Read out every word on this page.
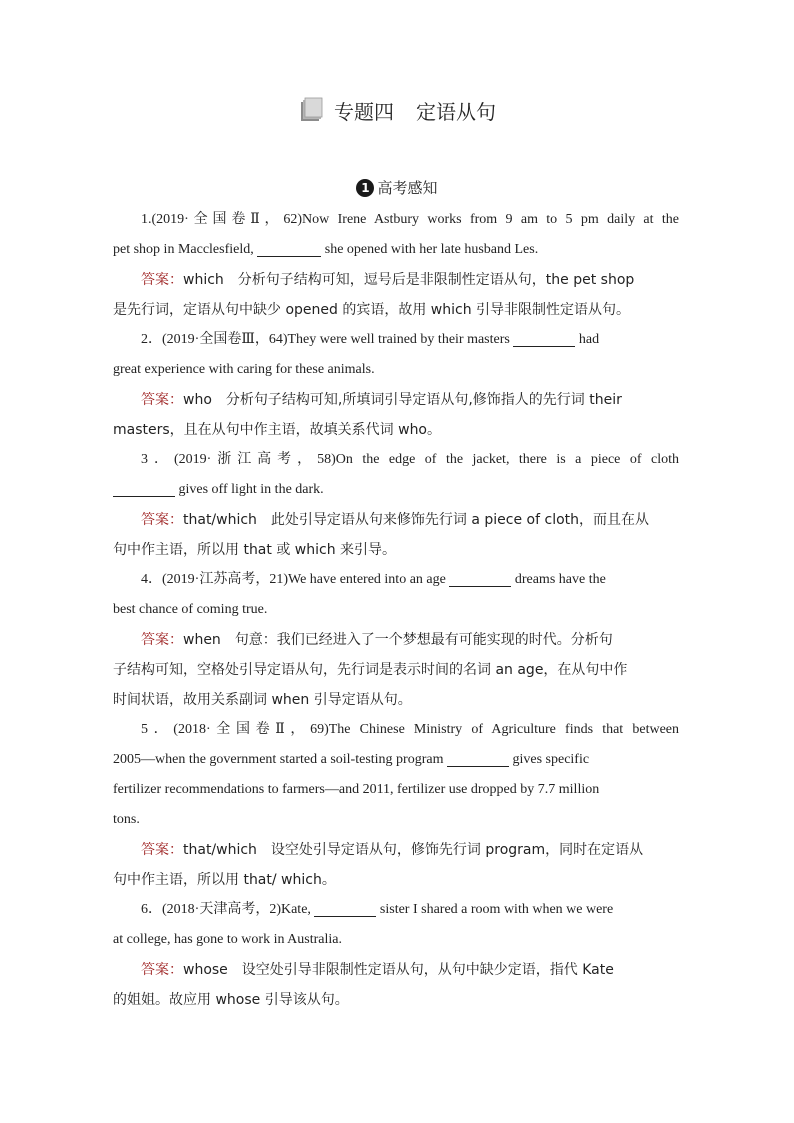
专题四 定语从句
1 高考感知
1.(2019·全国卷Ⅱ，62)Now Irene Astbury works from 9 am to 5 pm daily at the
pet shop in Macclesfield,	she opened with her late husband Les.
答案：which　分析句子结构可知，逗号后是非限制性定语从句，the pet shop
是先行词，定语从句中缺少 opened 的宾语，故用 which 引导非限制性定语从句。
2．(2019·全国卷Ⅲ，64)They were well trained by their masters	had
great experience with caring for these animals.
答案：who　分析句子结构可知,所填词引导定语从句,修饰指人的先行词 their
masters，且在从句中作主语，故填关系代词 who。
3．(2019·浙江高考，58)On the edge of the jacket, there is a piece of cloth
gives off light in the dark.
答案：that/which　此处引导定语从句来修饰先行词 a piece of cloth，而且在从
句中作主语，所以用 that 或 which 来引导。
4．(2019·江苏高考，21)We have entered into an age	dreams have the
best chance of coming true.
答案：when　句意：我们已经进入了一个梦想最有可能实现的时代。分析句
子结构可知，空格处引导定语从句，先行词是表示时间的名词 an age，在从句中作
时间状语，故用关系副词 when 引导定语从句。
5．(2018·全国卷Ⅱ，69)The Chinese Ministry of Agriculture finds that between
2005—when the government started a soil-testing program	gives specific
fertilizer recommendations to farmers—and 2011, fertilizer use dropped by 7.7 million
tons.
答案：that/which　设空处引导定语从句，修饰先行词 program，同时在定语从
句中作主语，所以用 that/ which。
6．(2018·天津高考，2)Kate,	sister I shared a room with when we were
at college, has gone to work in Australia.
答案：whose　设空处引导非限制性定语从句，从句中缺少定语，指代 Kate
的姐姐。故应用 whose 引导该从句。
